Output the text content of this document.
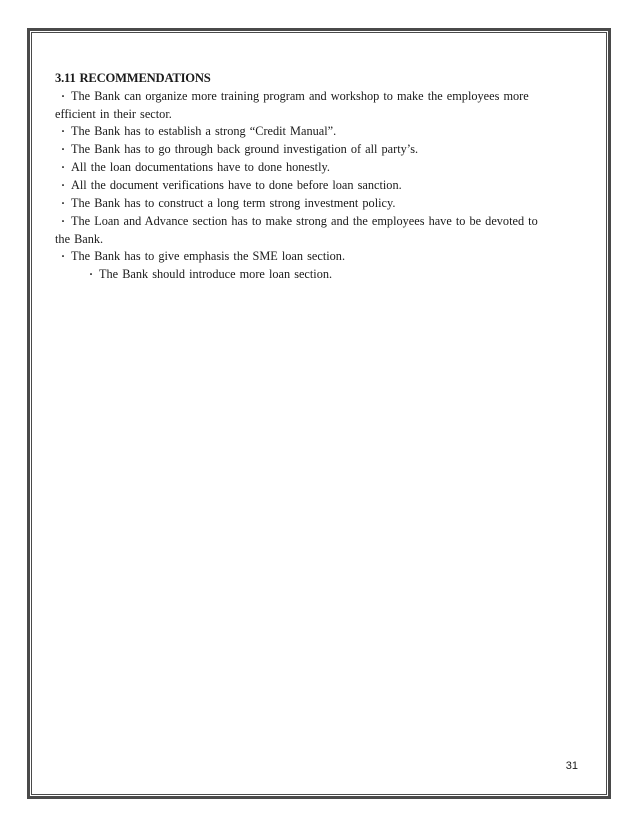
3.11 RECOMMENDATIONS
・ The Bank can organize more training program and workshop to make the employees more efficient in their sector.
・ The Bank has to establish a strong “Credit Manual”.
・ The Bank has to go through back ground investigation of all party’s.
・ All the loan documentations have to done honestly.
・ All the document verifications have to done before loan sanction.
・ The Bank has to construct a long term strong investment policy.
・ The Loan and Advance section has to make strong and the employees have to be devoted to the Bank.
・ The Bank has to give emphasis the SME loan section.
・ The Bank should introduce more loan section.
31
